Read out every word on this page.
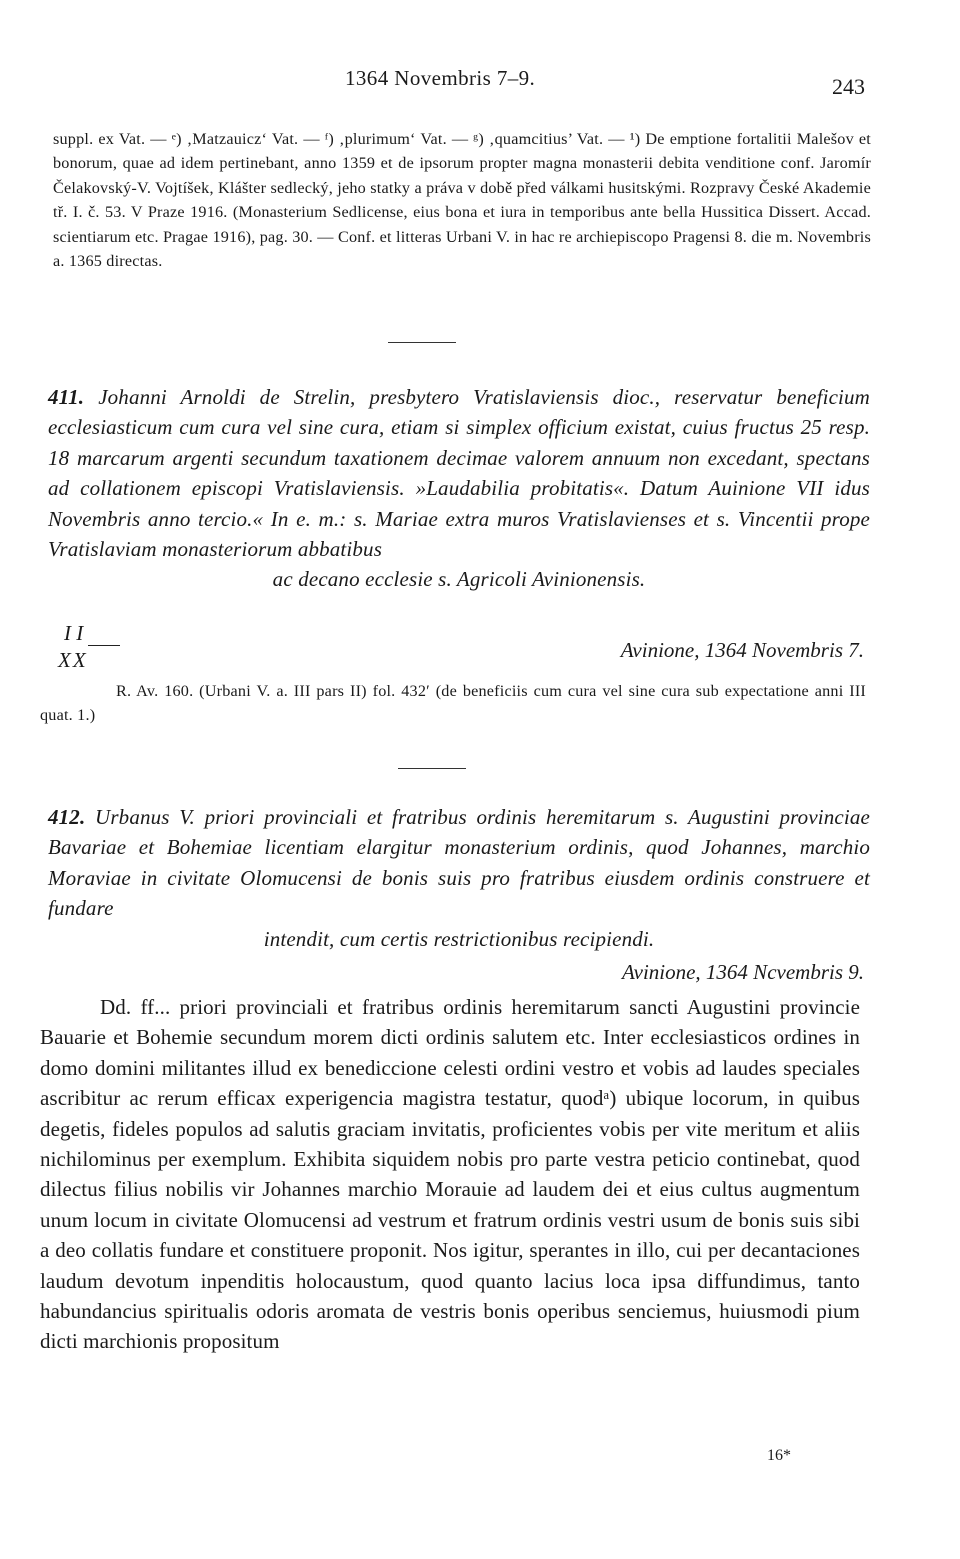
1364 Novembris 7–9.	243

suppl. ex Vat. — ᵉ) ‚Matzauicz‘ Vat. — ᶠ) ‚plurimum‘ Vat. — ᵍ) ‚quamcitius’ Vat. — ¹) De emptione fortalitii Malešov et bonorum, quae ad idem pertinebant, anno 1359 et de ipsorum propter magna monasterii debita venditione conf. Jaromír Čelakovský-V. Vojtíšek, Klášter sedlecký, jeho statky a práva v době před válkami husitskými. Rozpravy České Akademie tř. I. č. 53. V Praze 1916. (Monasterium Sedlicense, eius bona et iura in temporibus ante bella Hussitica Dissert. Accad. scientiarum etc. Pragae 1916), pag. 30. — Conf. et litteras Urbani V. in hac re archiepiscopo Pragensi 8. die m. Novembris a. 1365 directas.

411. Johanni Arnoldi de Strelin, presbytero Vratislaviensis dioc., reservatur beneficium ecclesiasticum cum cura vel sine cura, etiam si simplex officium existat, cuius fructus 25 resp. 18 marcarum argenti secundum taxationem decimae valorem annuum non excedant, spectans ad collationem episcopi Vratislaviensis. »Laudabilia probitatis«. Datum Auinione VII idus Novembris anno tercio.« In e. m.: s. Mariae extra muros Vratislavienses et s. Vincentii prope Vratislaviam monasteriorum abbatibus

ac decano ecclesie s. Agricoli Avinionensis.

I I
XX	Avinione, 1364 Novembris 7.

R. Av. 160. (Urbani V. a. III pars II) fol. 432′ (de beneficiis cum cura vel sine cura sub expectatione anni III quat. 1.)

412. Urbanus V. priori provinciali et fratribus ordinis heremitarum s. Augustini provinciae Bavariae et Bohemiae licentiam elargitur monasterium ordinis, quod Johannes, marchio Moraviae in civitate Olomucensi de bonis suis pro fratribus eiusdem ordinis construere et fundare

intendit, cum certis restrictionibus recipiendi.

Avinione, 1364 Ncvembris 9.

Dd. ff... priori provinciali et fratribus ordinis heremitarum sancti Augustini provincie Bauarie et Bohemie secundum morem dicti ordinis salutem etc. Inter ecclesiasticos ordines in domo domini militantes illud ex benediccione celesti ordini vestro et vobis ad laudes speciales ascribitur ac rerum efficax experigencia magistra testatur, quodᵃ) ubique locorum, in quibus degetis, fideles populos ad salutis graciam invitatis, proficientes vobis per vite meritum et aliis nichilominus per exemplum. Exhibita siquidem nobis pro parte vestra peticio continebat, quod dilectus filius nobilis vir Johannes marchio Morauie ad laudem dei et eius cultus augmentum unum locum in civitate Olomucensi ad vestrum et fratrum ordinis vestri usum de bonis suis sibi a deo collatis fundare et constituere proponit. Nos igitur, sperantes in illo, cui per decantaciones laudum devotum inpenditis holocaustum, quod quanto lacius loca ipsa diffundimus, tanto habundancius spiritualis odoris aromata de vestris bonis operibus senciemus, huiusmodi pium dicti marchionis propositum

16*
